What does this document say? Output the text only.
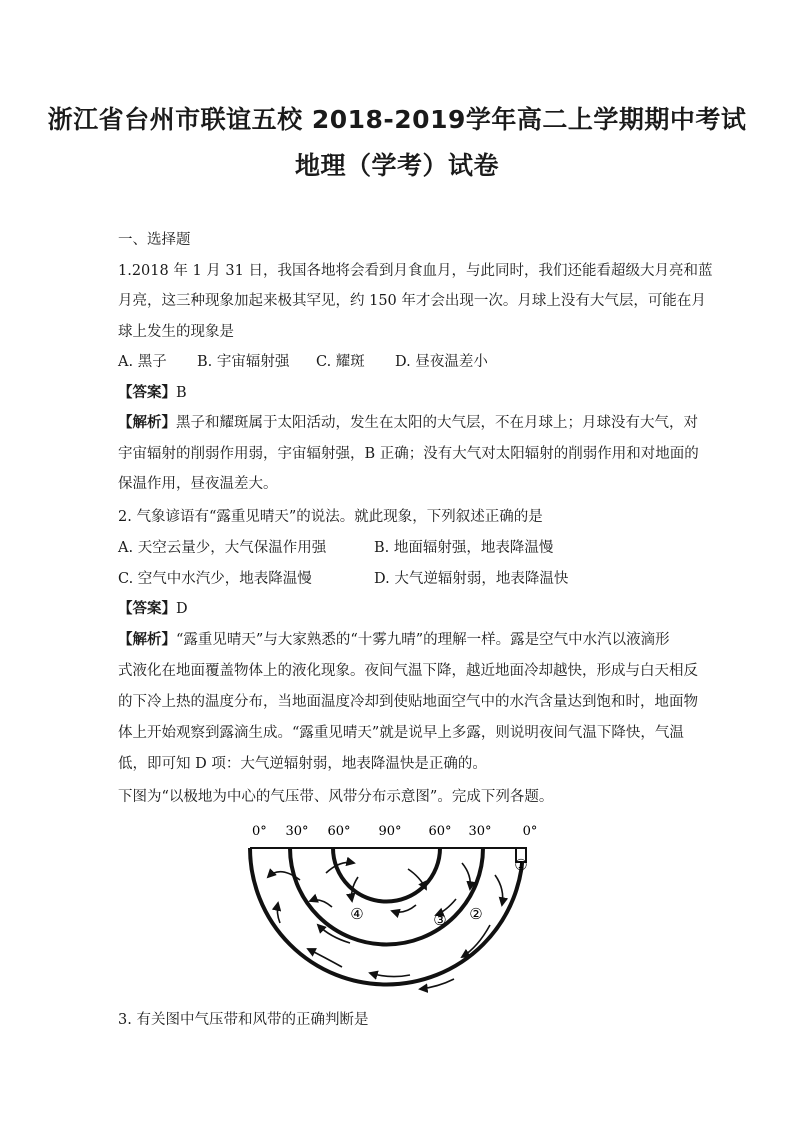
浙江省台州市联谊五校 2018-2019学年高二上学期期中考试
地理（学考）试卷
一、选择题
1.2018 年 1 月 31 日，我国各地将会看到月食血月，与此同时，我们还能看超级大月亮和蓝
月亮，这三种现象加起来极其罕见，约 150 年才会出现一次。月球上没有大气层，可能在月
球上发生的现象是
A. 黑子 B. 宇宙辐射强 C. 耀斑 D. 昼夜温差小
【答案】B
【解析】黑子和耀斑属于太阳活动，发生在太阳的大气层，不在月球上；月球没有大气，对
宇宙辐射的削弱作用弱，宇宙辐射强，B 正确；没有大气对太阳辐射的削弱作用和对地面的
保温作用，昼夜温差大。
2. 气象谚语有“露重见晴天”的说法。就此现象，下列叙述正确的是
A. 天空云量少，大气保温作用强	B. 地面辐射强，地表降温慢
C. 空气中水汽少，地表降温慢	D. 大气逆辐射弱，地表降温快
【答案】D
【解析】“露重见晴天”与大家熟悉的“十雾九晴”的理解一样。露是空气中水汽以液滴形
式液化在地面覆盖物体上的液化现象。夜间气温下降，越近地面冷却越快，形成与白天相反
的下冷上热的温度分布，当地面温度冷却到使贴地面空气中的水汽含量达到饱和时，地面物
体上开始观察到露滴生成。“露重见晴天”就是说早上多露，则说明夜间气温下降快，气温
低，即可知 D 项：大气逆辐射弱，地表降温快是正确的。
下图为“以极地为中心的气压带、风带分布示意图”。完成下列各题。
0° 30° 60° 90° 60° 30° 0°
①
②
③
④
3. 有关图中气压带和风带的正确判断是
